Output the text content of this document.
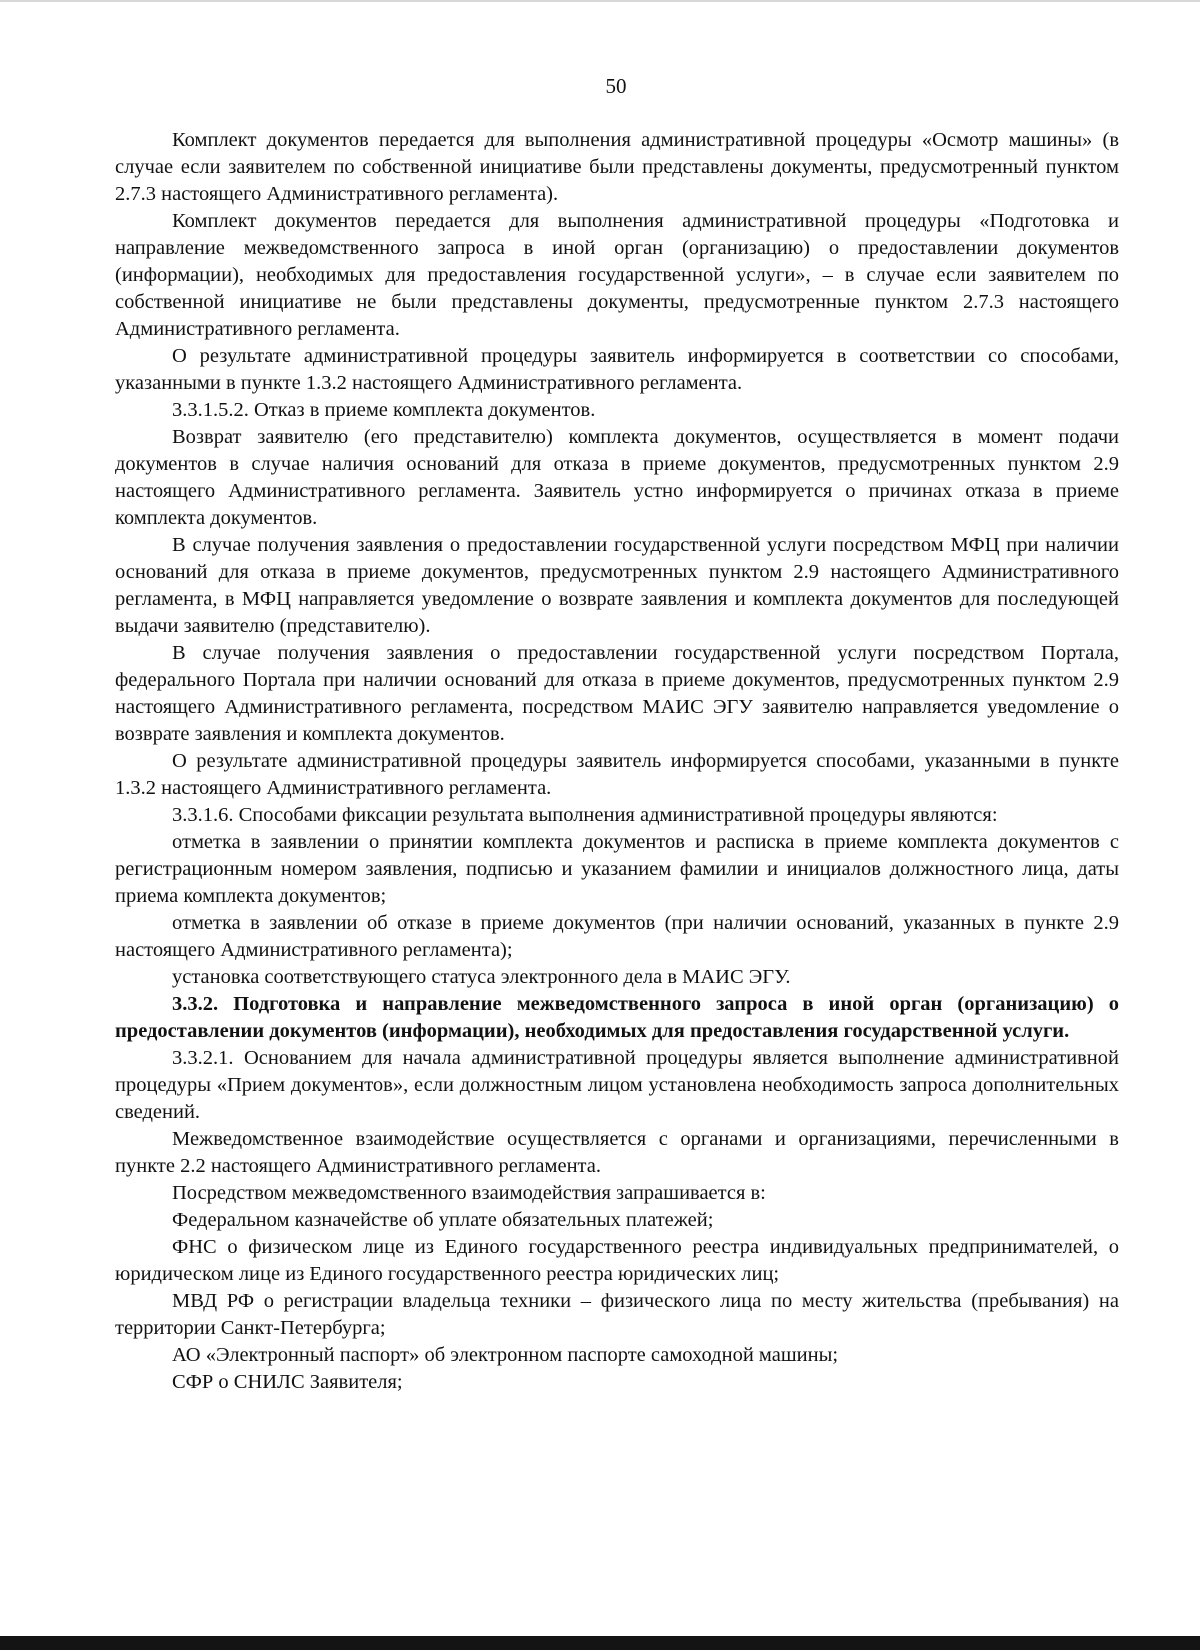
50

Комплект документов передается для выполнения административной процедуры «Осмотр машины» (в случае если заявителем по собственной инициативе были представлены документы, предусмотренный пунктом 2.7.3 настоящего Административного регламента).

Комплект документов передается для выполнения административной процедуры «Подготовка и направление межведомственного запроса в иной орган (организацию) о предоставлении документов (информации), необходимых для предоставления государственной услуги», – в случае если заявителем по собственной инициативе не были представлены документы, предусмотренные пунктом 2.7.3 настоящего Административного регламента.

О результате административной процедуры заявитель информируется в соответствии со способами, указанными в пункте 1.3.2 настоящего Административного регламента.

3.3.1.5.2. Отказ в приеме комплекта документов.

Возврат заявителю (его представителю) комплекта документов, осуществляется в момент подачи документов в случае наличия оснований для отказа в приеме документов, предусмотренных пунктом 2.9 настоящего Административного регламента. Заявитель устно информируется о причинах отказа в приеме комплекта документов.

В случае получения заявления о предоставлении государственной услуги посредством МФЦ при наличии оснований для отказа в приеме документов, предусмотренных пунктом 2.9 настоящего Административного регламента, в МФЦ направляется уведомление о возврате заявления и комплекта документов для последующей выдачи заявителю (представителю).

В случае получения заявления о предоставлении государственной услуги посредством Портала, федерального Портала при наличии оснований для отказа в приеме документов, предусмотренных пунктом 2.9 настоящего Административного регламента, посредством МАИС ЭГУ заявителю направляется уведомление о возврате заявления и комплекта документов.

О результате административной процедуры заявитель информируется способами, указанными в пункте 1.3.2 настоящего Административного регламента.

3.3.1.6. Способами фиксации результата выполнения административной процедуры являются:

отметка в заявлении о принятии комплекта документов и расписка в приеме комплекта документов с регистрационным номером заявления, подписью и указанием фамилии и инициалов должностного лица, даты приема комплекта документов;

отметка в заявлении об отказе в приеме документов (при наличии оснований, указанных в пункте 2.9 настоящего Административного регламента);

установка соответствующего статуса электронного дела в МАИС ЭГУ.

3.3.2. Подготовка и направление межведомственного запроса в иной орган (организацию) о предоставлении документов (информации), необходимых для предоставления государственной услуги.

3.3.2.1. Основанием для начала административной процедуры является выполнение административной процедуры «Прием документов», если должностным лицом установлена необходимость запроса дополнительных сведений.

Межведомственное взаимодействие осуществляется с органами и организациями, перечисленными в пункте 2.2 настоящего Административного регламента.

Посредством межведомственного взаимодействия запрашивается в:

Федеральном казначействе об уплате обязательных платежей;

ФНС о физическом лице из Единого государственного реестра индивидуальных предпринимателей, о юридическом лице из Единого государственного реестра юридических лиц;

МВД РФ о регистрации владельца техники – физического лица по месту жительства (пребывания) на территории Санкт-Петербурга;

АО «Электронный паспорт» об электронном паспорте самоходной машины;

СФР о СНИЛС Заявителя;
